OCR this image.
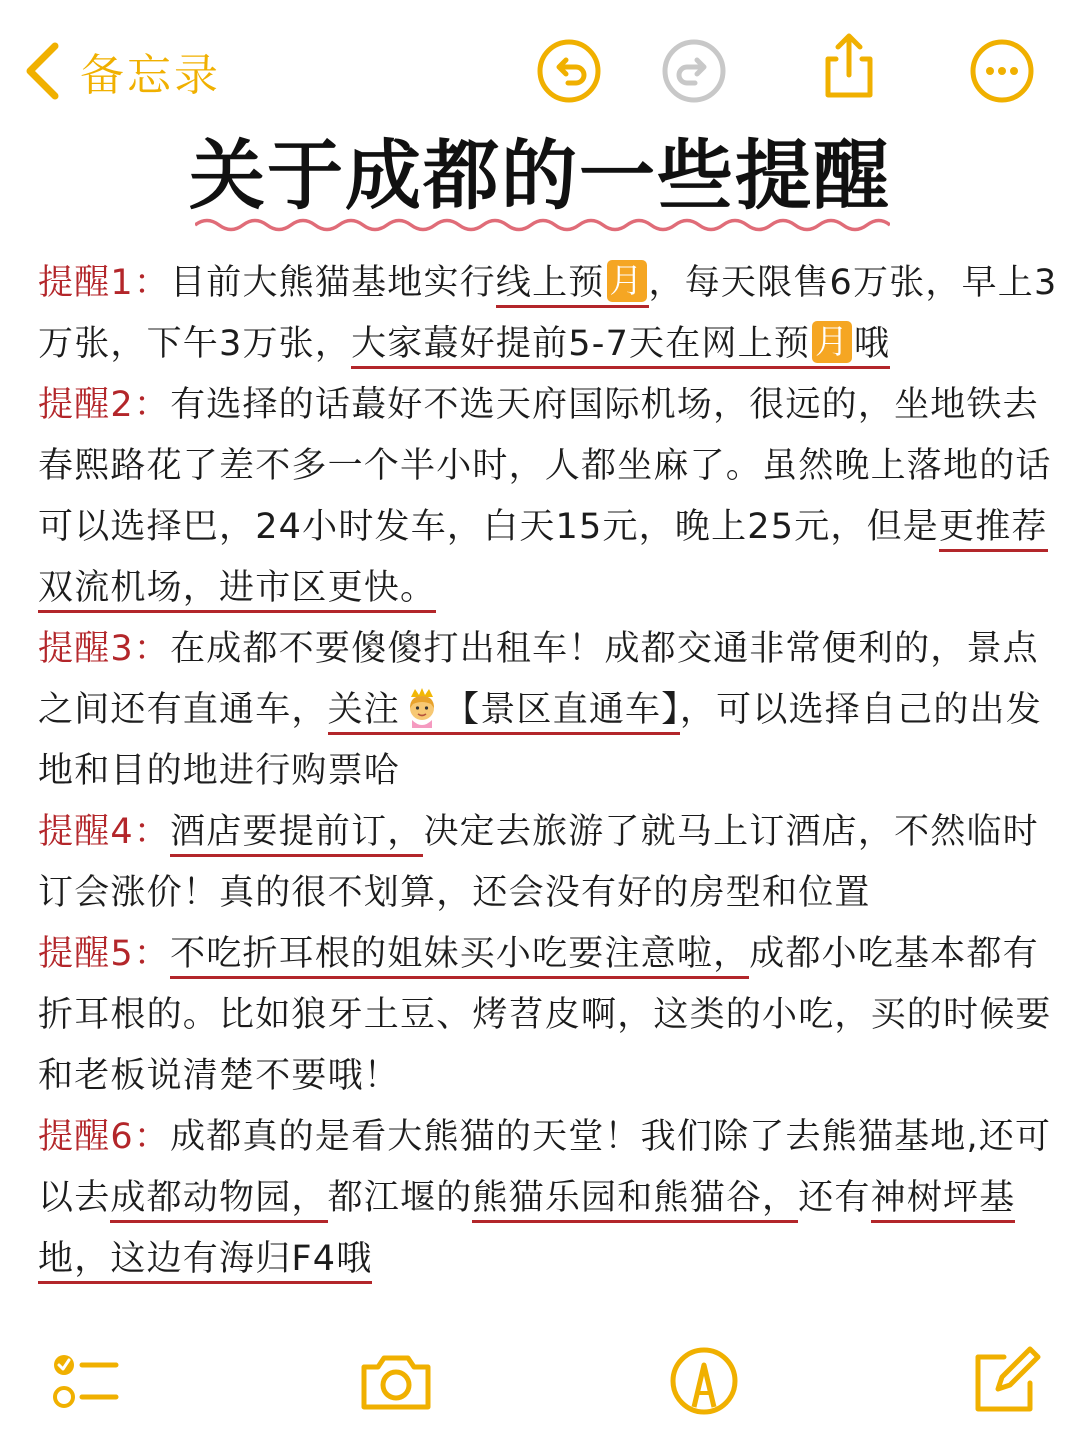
备忘录
关于成都的一些提醒

提醒1：目前大熊猫基地实行线上预 月 ，每天限售6万张，早上3万张，下午3万张，大家蕞好提前5-7天在网上预 月 哦

提醒2：有选择的话蕞好不选天府国际机场，很远的，坐地铁去春熙路花了差不多一个半小时，人都坐麻了。虽然晚上落地的话可以选择巴，24小时发车，白天15元，晚上25元，但是更推荐双流机场，进市区更快。

提醒3：在成都不要傻傻打出租车！成都交通非常便利的，景点之间还有直通车，关注 【景区直通车】，可以选择自己的出发地和目的地进行购票哈

提醒4：酒店要提前订，决定去旅游了就马上订酒店，不然临时订会涨价！真的很不划算，还会没有好的房型和位置

提醒5：不吃折耳根的姐妹买小吃要注意啦，成都小吃基本都有折耳根的。比如狼牙土豆、烤苕皮啊，这类的小吃，买的时候要和老板说清楚不要哦！

提醒6：成都真的是看大熊猫的天堂！我们除了去熊猫基地,还可以去成都动物园，都江堰的熊猫乐园和熊猫谷，还有神树坪基地，这边有海归F4哦
